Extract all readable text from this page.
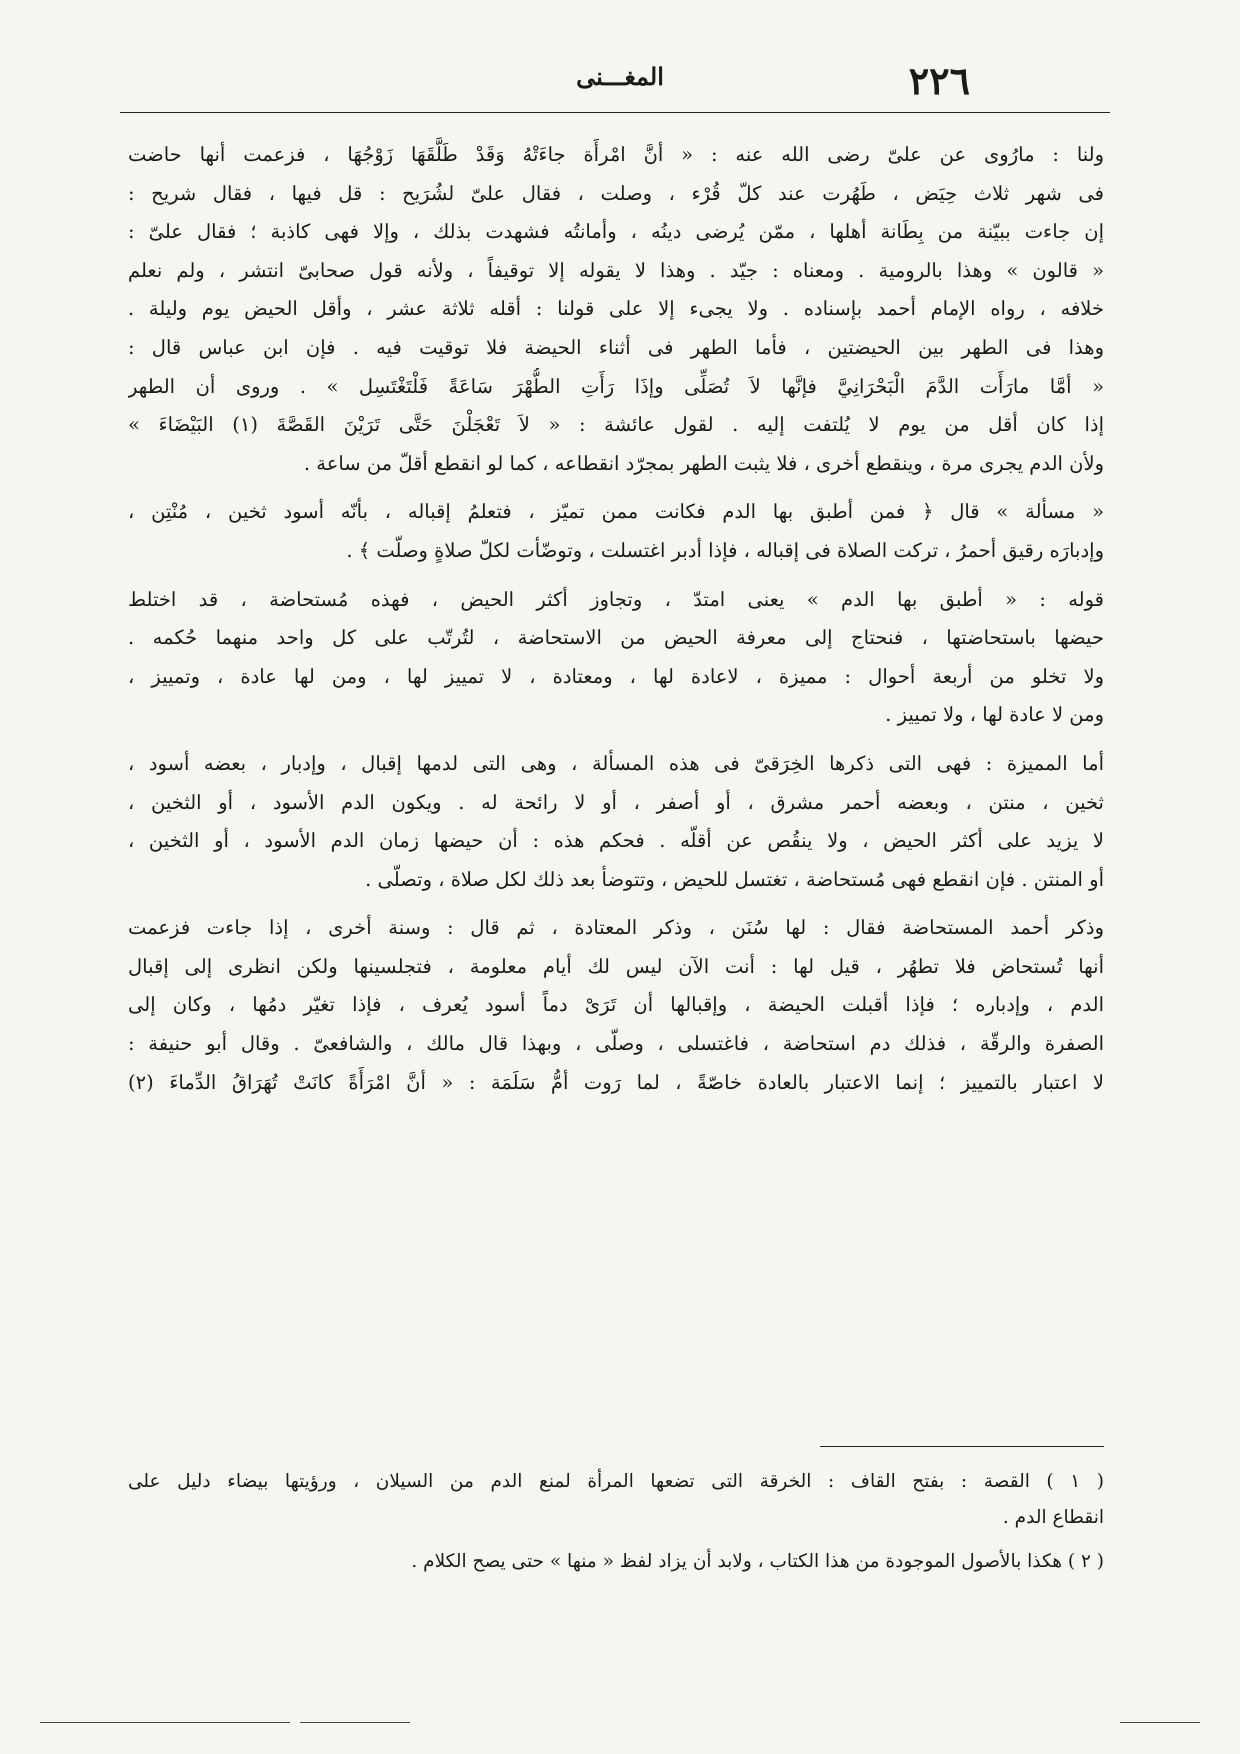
٢٢٦
المغـــنى
ولنا : مارُوى عن علىّ رضى الله عنه : « أنَّ امْرأَة جاءَتْهُ وَقَدْ طَلَّقَهَا زَوْجُهَا ، فزعمت أنها حاضت
فى شهر ثلاث حِيَض ، طَهُرت عند كلّ قُرْء ، وصلت ، فقال علىّ لشُرَيح : قل فيها ، فقال شريح :
إن جاءت ببيّنة من بِطَانة أهلها ، ممّن يُرضى دينُه ، وأمانتُه فشهدت بذلك ، وإلا فهى كاذبة ؛ فقال علىّ :
« قالون » وهذا بالرومية . ومعناه : جيّد . وهذا لا يقوله إلا توقيفاً ، ولأنه قول صحابىّ انتشر ، ولم نعلم
خلافه ، رواه الإمام أحمد بإسناده . ولا يجىء إلا على قولنا : أقله ثلاثة عشر ، وأقل الحيض يوم وليلة .
وهذا فى الطهر بين الحيضتين ، فأما الطهر فى أثناء الحيضة فلا توقيت فيه . فإن ابن عباس قال :
« أمَّا مارَأَت الدَّمَ الْبَحْرَانِيَّ فإنَّها لاَ تُصَلِّى وإذَا رَأَتِ الطُّهْرَ سَاعَةً فَلْتَغْتَسِل » . وروى أن الطهر
إذا كان أقل من يوم لا يُلتفت إليه . لقول عائشة : « لاَ تَعْجَلْنَ حَتَّى تَرَيْنَ القَصَّةَ (١) البَيْضَاءَ »
ولأن الدم يجرى مرة ، وينقطع أخرى ، فلا يثبت الطهر بمجرّد انقطاعه ، كما لو انقطع أقلّ من ساعة .
« مسألة » قال ﴿ فمن أطبق بها الدم فكانت ممن تميّز ، فتعلمُ إقباله ، بأنّه أسود ثخين ، مُنْتِن ،
وإدبارَه رقيق أحمرُ ، تركت الصلاة فى إقباله ، فإذا أدبر اغتسلت ، وتوضّأت لكلّ صلاةٍ وصلّت ﴾ .
قوله : « أطبق بها الدم » يعنى امتدّ ، وتجاوز أكثر الحيض ، فهذه مُستحاضة ، قد اختلط
حيضها باستحاضتها ، فنحتاج إلى معرفة الحيض من الاستحاضة ، لتُرتّب على كل واحد منهما حُكمه .
ولا تخلو من أربعة أحوال : مميزة ، لاعادة لها ، ومعتادة ، لا تمييز لها ، ومن لها عادة ، وتمييز ،
ومن لا عادة لها ، ولا تمييز .
أما المميزة : فهى التى ذكرها الخِرَقىّ فى هذه المسألة ، وهى التى لدمها إقبال ، وإدبار ، بعضه أسود ،
ثخين ، منتن ، وبعضه أحمر مشرق ، أو أصفر ، أو لا رائحة له . ويكون الدم الأسود ، أو الثخين ،
لا يزيد على أكثر الحيض ، ولا ينقُص عن أقلّه . فحكم هذه : أن حيضها زمان الدم الأسود ، أو الثخين ،
أو المنتن . فإن انقطع فهى مُستحاضة ، تغتسل للحيض ، وتتوضأ بعد ذلك لكل صلاة ، وتصلّى .
وذكر أحمد المستحاضة فقال : لها سُنَن ، وذكر المعتادة ، ثم قال : وسنة أخرى ، إذا جاءت فزعمت
أنها تُستحاض فلا تطهُر ، قيل لها : أنت الآن ليس لك أيام معلومة ، فتجلسينها ولكن انظرى إلى إقبال
الدم ، وإدباره ؛ فإذا أقبلت الحيضة ، وإقبالها أن تَرَىْ دماً أسود يُعرف ، فإذا تغيّر دمُها ، وكان إلى
الصفرة والرقّة ، فذلك دم استحاضة ، فاغتسلى ، وصلّى ، وبهذا قال مالك ، والشافعىّ . وقال أبو حنيفة :
لا اعتبار بالتمييز ؛ إنما الاعتبار بالعادة خاصّةً ، لما رَوت أمُّ سَلَمَة : « أنَّ امْرَأَةً كانَتْ تُهَرَاقُ الدِّماءَ (٢)
( ١ ) القصة : بفتح القاف : الخرقة التى تضعها المرأة لمنع الدم من السيلان ، ورؤيتها بيضاء دليل على
انقطاع الدم .
( ٢ ) هكذا بالأصول الموجودة من هذا الكتاب ، ولابد أن يزاد لفظ « منها » حتى يصح الكلام .
